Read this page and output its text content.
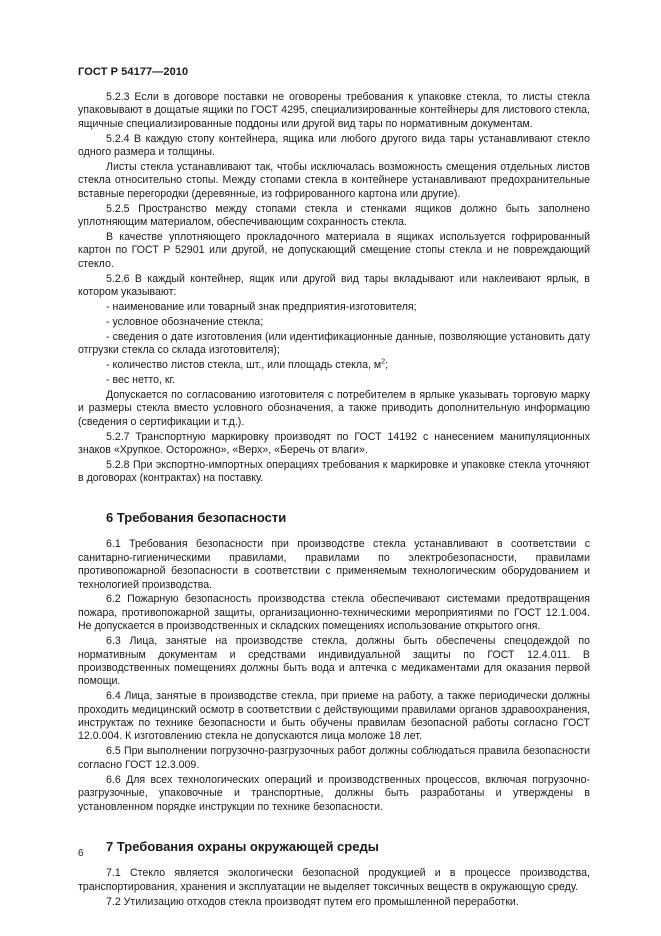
ГОСТ Р 54177—2010

5.2.3 Если в договоре поставки не оговорены требования к упаковке стекла, то листы стекла упаковывают в дощатые ящики по ГОСТ 4295, специализированные контейнеры для листового стекла, ящичные специализированные поддоны или другой вид тары по нормативным документам.

5.2.4 В каждую стопу контейнера, ящика или любого другого вида тары устанавливают стекло одного размера и толщины.

Листы стекла устанавливают так, чтобы исключалась возможность смещения отдельных листов стекла относительно стопы. Между стопами стекла в контейнере устанавливают предохранительные вставные перегородки (деревянные, из гофрированного картона или другие).

5.2.5 Пространство между стопами стекла и стенками ящиков должно быть заполнено уплотняющим материалом, обеспечивающим сохранность стекла.

В качестве уплотняющего прокладочного материала в ящиках используется гофрированный картон по ГОСТ Р 52901 или другой, не допускающий смещение стопы стекла и не повреждающий стекло.

5.2.6 В каждый контейнер, ящик или другой вид тары вкладывают или наклеивают ярлык, в котором указывают:

- наименование или товарный знак предприятия-изготовителя;

- условное обозначение стекла;

- сведения о дате изготовления (или идентификационные данные, позволяющие установить дату отгрузки стекла со склада изготовителя);

- количество листов стекла, шт., или площадь стекла, $м^2$;

- вес нетто, кг.

Допускается по согласованию изготовителя с потребителем в ярлыке указывать торговую марку и размеры стекла вместо условного обозначения, а также приводить дополнительную информацию (сведения о сертификации и т.д.).

5.2.7 Транспортную маркировку производят по ГОСТ 14192 с нанесением манипуляционных знаков «Хрупкое. Осторожно», «Верх», «Беречь от влаги».

5.2.8 При экспортно-импортных операциях требования к маркировке и упаковке стекла уточняют в договорах (контрактах) на поставку.

6 Требования безопасности

6.1 Требования безопасности при производстве стекла устанавливают в соответствии с санитарно-гигиеническими правилами, правилами по электробезопасности, правилами противопожарной безопасности в соответствии с применяемым технологическим оборудованием и технологией производства.

6.2 Пожарную безопасность производства стекла обеспечивают системами предотвращения пожара, противопожарной защиты, организационно-техническими мероприятиями по ГОСТ 12.1.004. Не допускается в производственных и складских помещениях использование открытого огня.

6.3 Лица, занятые на производстве стекла, должны быть обеспечены спецодеждой по нормативным документам и средствами индивидуальной защиты по ГОСТ 12.4.011. В производственных помещениях должны быть вода и аптечка с медикаментами для оказания первой помощи.

6.4 Лица, занятые в производстве стекла, при приеме на работу, а также периодически должны проходить медицинский осмотр в соответствии с действующими правилами органов здравоохранения, инструктаж по технике безопасности и быть обучены правилам безопасной работы согласно ГОСТ 12.0.004. К изготовлению стекла не допускаются лица моложе 18 лет.

6.5 При выполнении погрузочно-разгрузочных работ должны соблюдаться правила безопасности согласно ГОСТ 12.3.009.

6.6 Для всех технологических операций и производственных процессов, включая погрузочно-разгрузочные, упаковочные и транспортные, должны быть разработаны и утверждены в установленном порядке инструкции по технике безопасности.

7 Требования охраны окружающей среды

7.1 Стекло является экологически безопасной продукцией и в процессе производства, транспортирования, хранения и эксплуатации не выделяет токсичных веществ в окружающую среду.

7.2 Утилизацию отходов стекла производят путем его промышленной переработки.

6
